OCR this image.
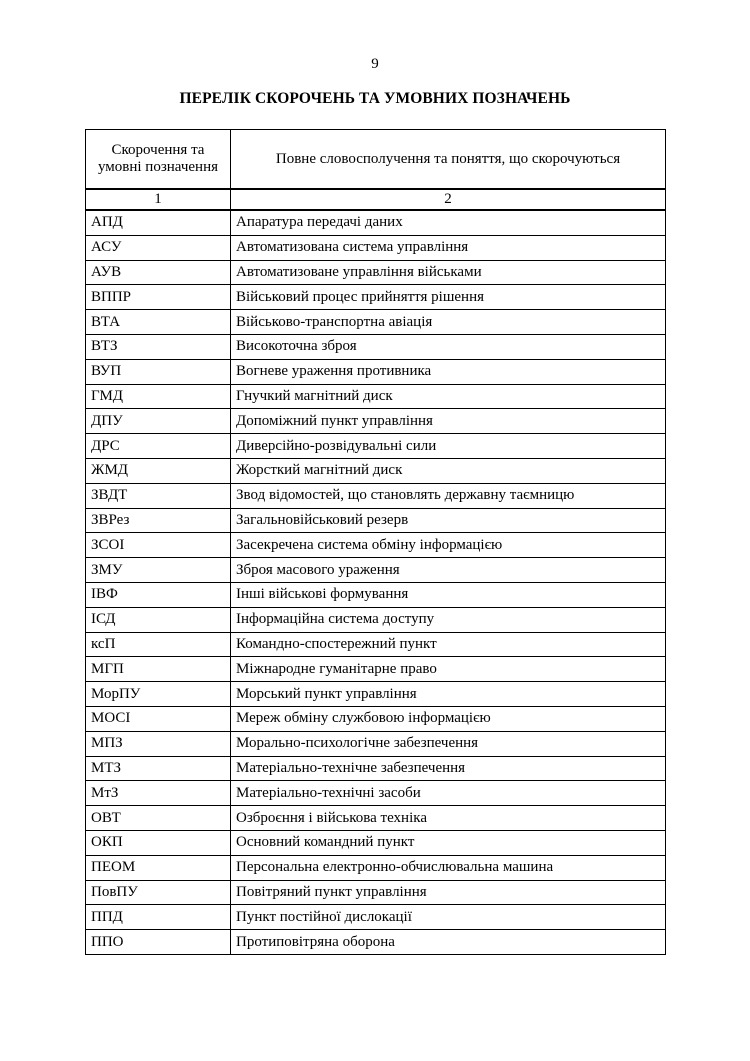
9
ПЕРЕЛІК СКОРОЧЕНЬ ТА УМОВНИХ ПОЗНАЧЕНЬ
Скорочення та умовні позначення	Повне словосполучення та поняття, що скорочуються
1	2
АПД	Апаратура передачі даних
АСУ	Автоматизована система управління
АУВ	Автоматизоване управління військами
ВППР	Військовий процес прийняття рішення
ВТА	Військово-транспортна авіація
ВТЗ	Високоточна зброя
ВУП	Вогневе ураження противника
ГМД	Гнучкий магнітний диск
ДПУ	Допоміжний пункт управління
ДРС	Диверсійно-розвідувальні сили
ЖМД	Жорсткий магнітний диск
ЗВДТ	Звод відомостей, що становлять державну таємницю
ЗВРез	Загальновійськовий резерв
ЗСОІ	Засекречена система обміну інформацією
ЗМУ	Зброя масового ураження
ІВФ	Інші військові формування
ІСД	Інформаційна система доступу
ксП	Командно-спостережний пункт
МГП	Міжнародне гуманітарне право
МорПУ	Морський пункт управління
МОСІ	Мереж обміну службовою інформацією
МПЗ	Морально-психологічне забезпечення
МТЗ	Матеріально-технічне забезпечення
МтЗ	Матеріально-технічні засоби
ОВТ	Озброєння і військова техніка
ОКП	Основний командний пункт
ПЕОМ	Персональна електронно-обчислювальна машина
ПовПУ	Повітряний пункт управління
ППД	Пункт постійної дислокації
ППО	Протиповітряна оборона
